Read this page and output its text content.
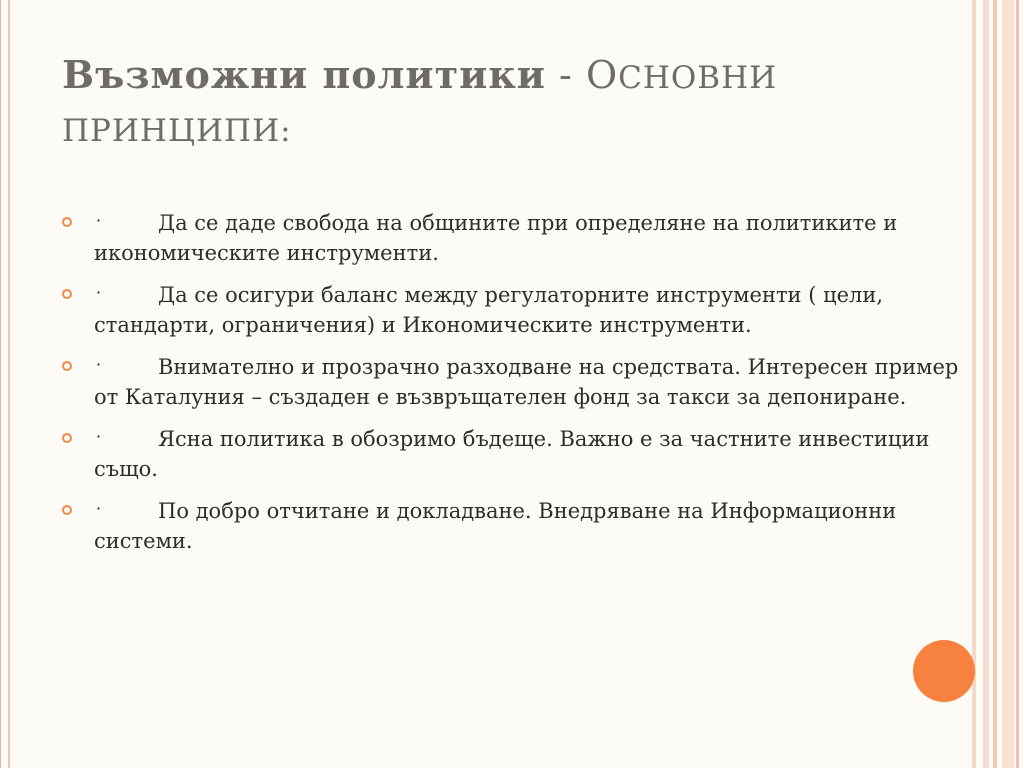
Възможни политики - ОСНОВНИ
ПРИНЦИПИ:
·	Да се даде свобода на общините при определяне на политиките и икономическите инструменти.
·	Да се осигури баланс между регулаторните инструменти ( цели, стандарти, ограничения) и Икономическите инструменти.
·	Внимателно и прозрачно разходване на средствата. Интересен пример от Каталуния – създаден е възвръщателен фонд за такси за депониране.
·	Ясна политика в обозримо бъдеще. Важно е за частните инвестиции също.
·	По добро отчитане и докладване. Внедряване на Информационни системи.
